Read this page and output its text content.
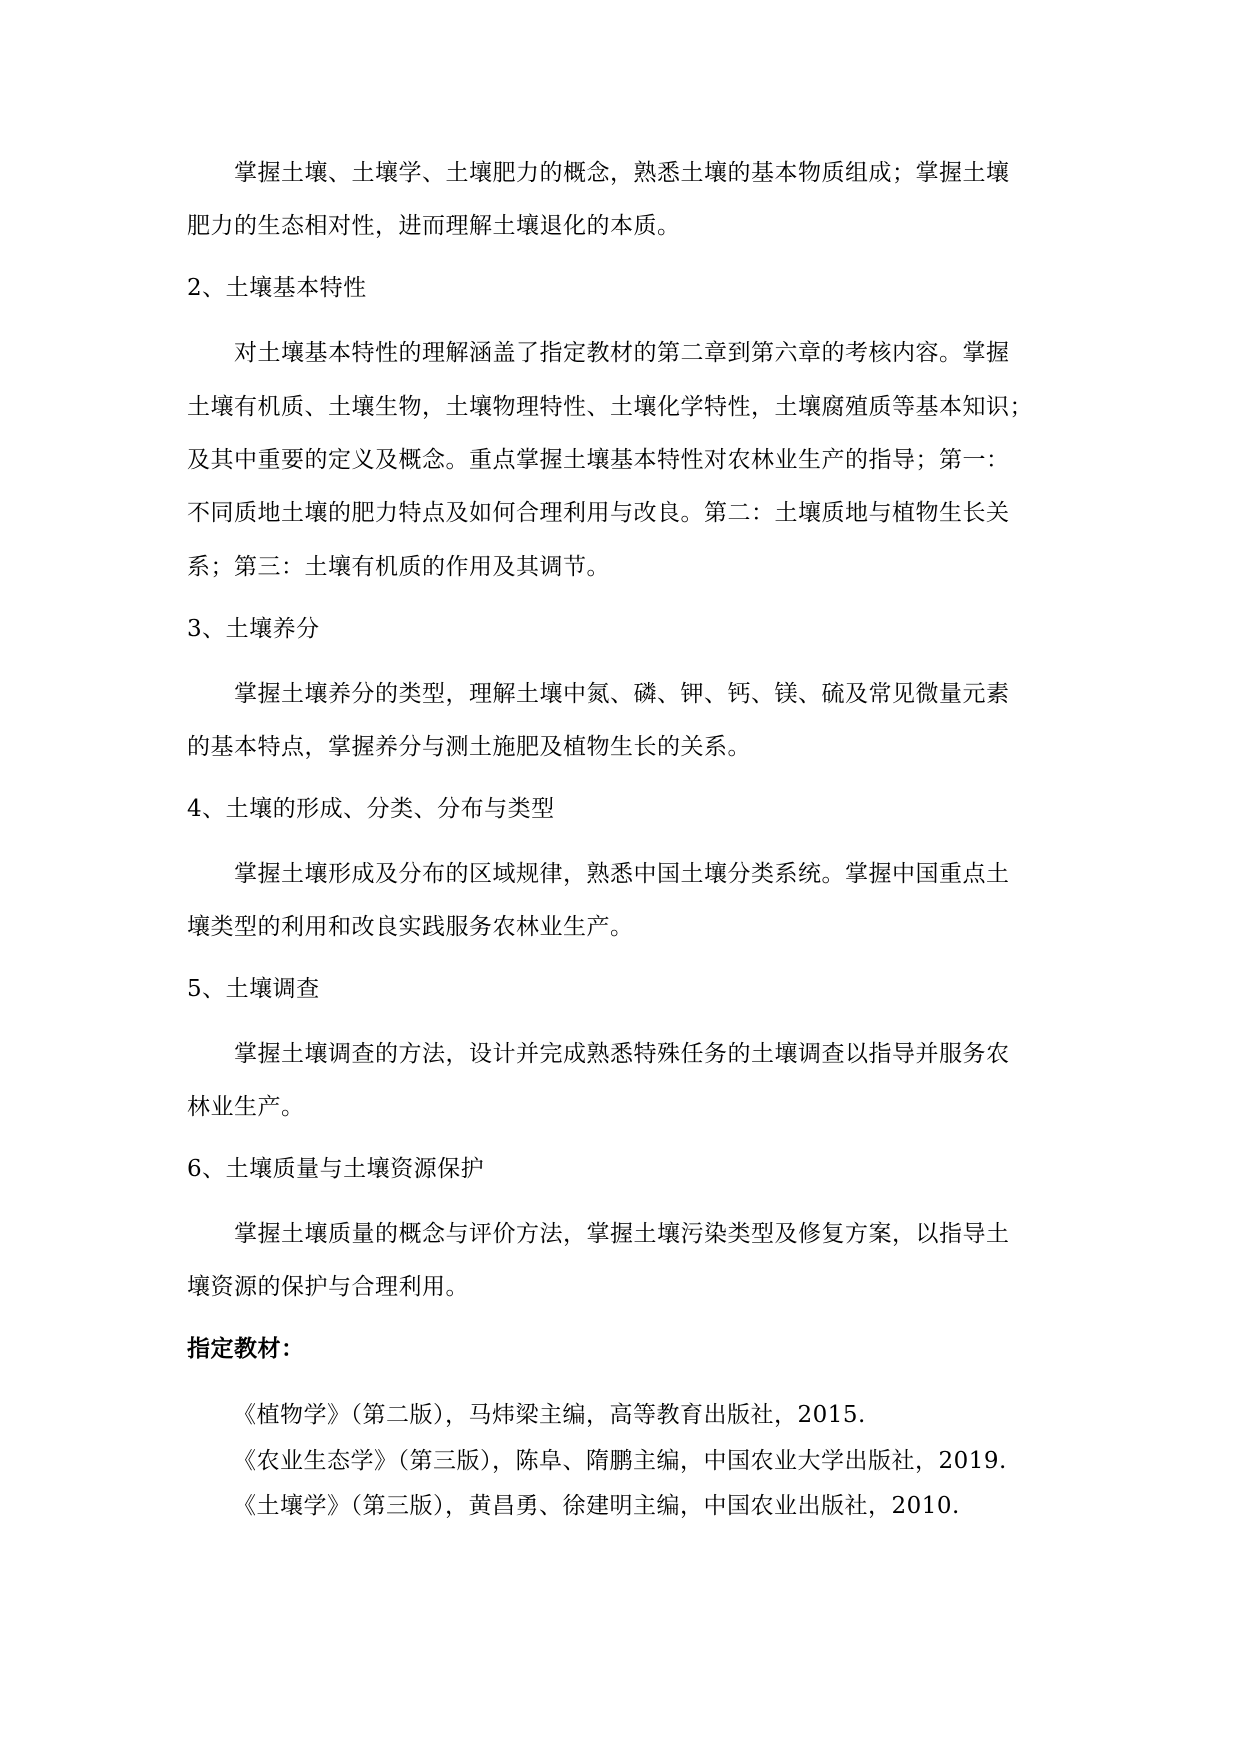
掌握土壤、土壤学、土壤肥力的概念，熟悉土壤的基本物质组成；掌握土壤
肥力的生态相对性，进而理解土壤退化的本质。
2、土壤基本特性
对土壤基本特性的理解涵盖了指定教材的第二章到第六章的考核内容。掌握
土壤有机质、土壤生物，土壤物理特性、土壤化学特性，土壤腐殖质等基本知识；
及其中重要的定义及概念。重点掌握土壤基本特性对农林业生产的指导；第一：
不同质地土壤的肥力特点及如何合理利用与改良。第二：土壤质地与植物生长关
系；第三：土壤有机质的作用及其调节。
3、土壤养分
掌握土壤养分的类型，理解土壤中氮、磷、钾、钙、镁、硫及常见微量元素
的基本特点，掌握养分与测土施肥及植物生长的关系。
4、土壤的形成、分类、分布与类型
掌握土壤形成及分布的区域规律，熟悉中国土壤分类系统。掌握中国重点土
壤类型的利用和改良实践服务农林业生产。
5、土壤调查
掌握土壤调查的方法，设计并完成熟悉特殊任务的土壤调查以指导并服务农
林业生产。
6、土壤质量与土壤资源保护
掌握土壤质量的概念与评价方法，掌握土壤污染类型及修复方案，以指导土
壤资源的保护与合理利用。
指定教材：
《植物学》（第二版），马炜梁主编，高等教育出版社，2015.
《农业生态学》（第三版），陈阜、隋鹏主编，中国农业大学出版社，2019.
《土壤学》（第三版），黄昌勇、徐建明主编，中国农业出版社，2010.
